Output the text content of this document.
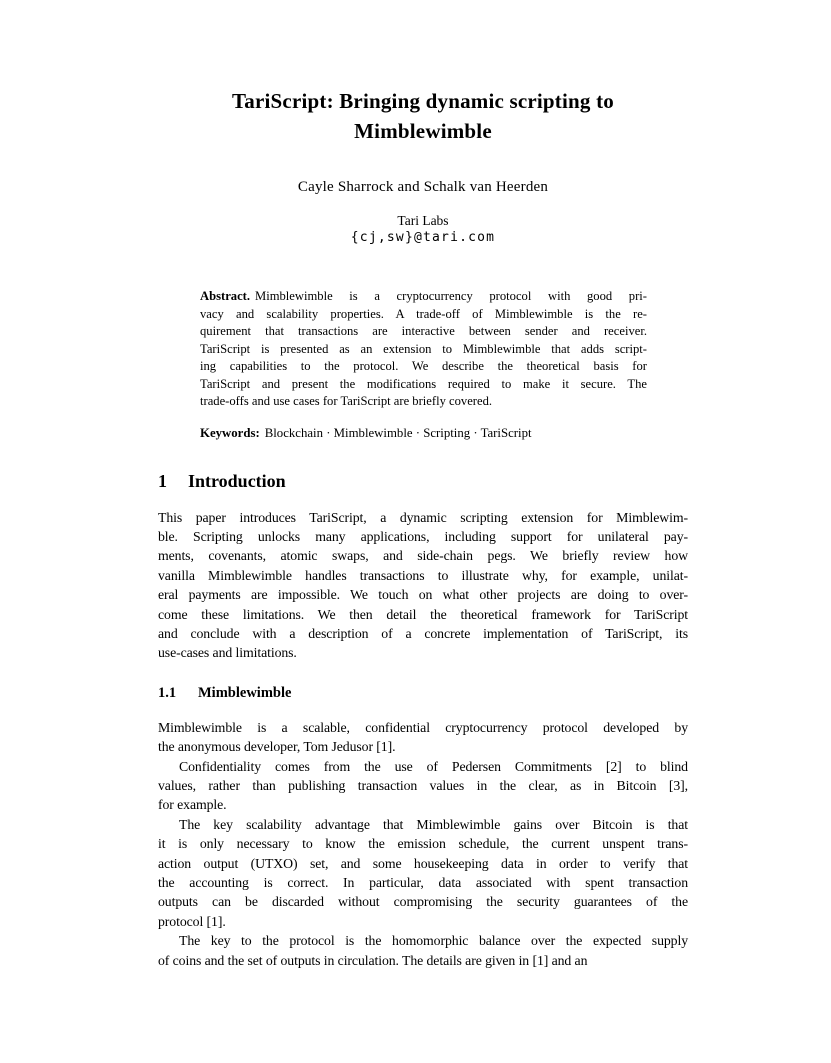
TariScript: Bringing dynamic scripting to
Mimblewimble
Cayle Sharrock and Schalk van Heerden
Tari Labs
{cj,sw}@tari.com
Abstract. Mimblewimble is a cryptocurrency protocol with good pri-
vacy and scalability properties. A trade-off of Mimblewimble is the re-
quirement that transactions are interactive between sender and receiver.
TariScript is presented as an extension to Mimblewimble that adds script-
ing capabilities to the protocol. We describe the theoretical basis for
TariScript and present the modifications required to make it secure. The
trade-offs and use cases for TariScript are briefly covered.
Keywords: Blockchain · Mimblewimble · Scripting · TariScript
1 Introduction
This paper introduces TariScript, a dynamic scripting extension for Mimblewim-
ble. Scripting unlocks many applications, including support for unilateral pay-
ments, covenants, atomic swaps, and side-chain pegs. We briefly review how
vanilla Mimblewimble handles transactions to illustrate why, for example, unilat-
eral payments are impossible. We touch on what other projects are doing to over-
come these limitations. We then detail the theoretical framework for TariScript
and conclude with a description of a concrete implementation of TariScript, its
use-cases and limitations.
1.1 Mimblewimble
Mimblewimble is a scalable, confidential cryptocurrency protocol developed by
the anonymous developer, Tom Jedusor [1].
Confidentiality comes from the use of Pedersen Commitments [2] to blind
values, rather than publishing transaction values in the clear, as in Bitcoin [3],
for example.
The key scalability advantage that Mimblewimble gains over Bitcoin is that
it is only necessary to know the emission schedule, the current unspent trans-
action output (UTXO) set, and some housekeeping data in order to verify that
the accounting is correct. In particular, data associated with spent transaction
outputs can be discarded without compromising the security guarantees of the
protocol [1].
The key to the protocol is the homomorphic balance over the expected supply
of coins and the set of outputs in circulation. The details are given in [1] and an
